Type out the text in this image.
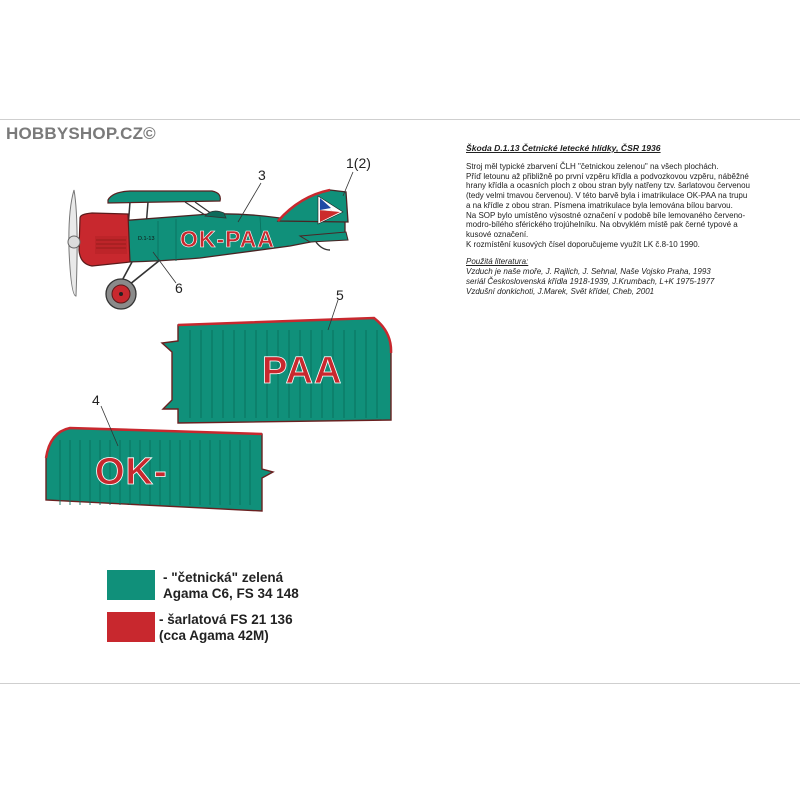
HOBBYSHOP.CZ©
D.1-13 OK-PAA
3
1(2)
6
PAA
5
OK-
4
Škoda D.1.13 Četnické letecké hlídky, ČSR 1936
Stroj měl typické zbarvení ČLH "četnickou zelenou" na všech plochách.
Příď letounu až přibližně po první vzpěru křídla a podvozkovou vzpěru, náběžné
hrany křídla a ocasních ploch z obou stran byly natřeny tzv. šarlatovou červenou
(tedy velmi tmavou červenou). V této barvě byla i imatrikulace OK-PAA na trupu
a na křídle z obou stran. Písmena imatrikulace byla lemována bílou barvou.
Na SOP bylo umístěno výsostné označení v podobě bíle lemovaného červeno-
modro-bílého sférického trojúhelníku. Na obvyklém místě pak černé typové a
kusové označení.
K rozmístění kusových čísel doporučujeme využít LK č.8-10 1990.
Použitá literatura:
Vzduch je naše moře, J. Rajlich, J. Sehnal, Naše Vojsko Praha, 1993
seriál Československá křídla 1918-1939, J.Krumbach, L+K 1975-1977
Vzdušní donkichoti, J.Marek, Svět křídel, Cheb, 2001
- "četnická" zelená
Agama C6, FS 34 148
- šarlatová FS 21 136
(cca Agama 42M)
